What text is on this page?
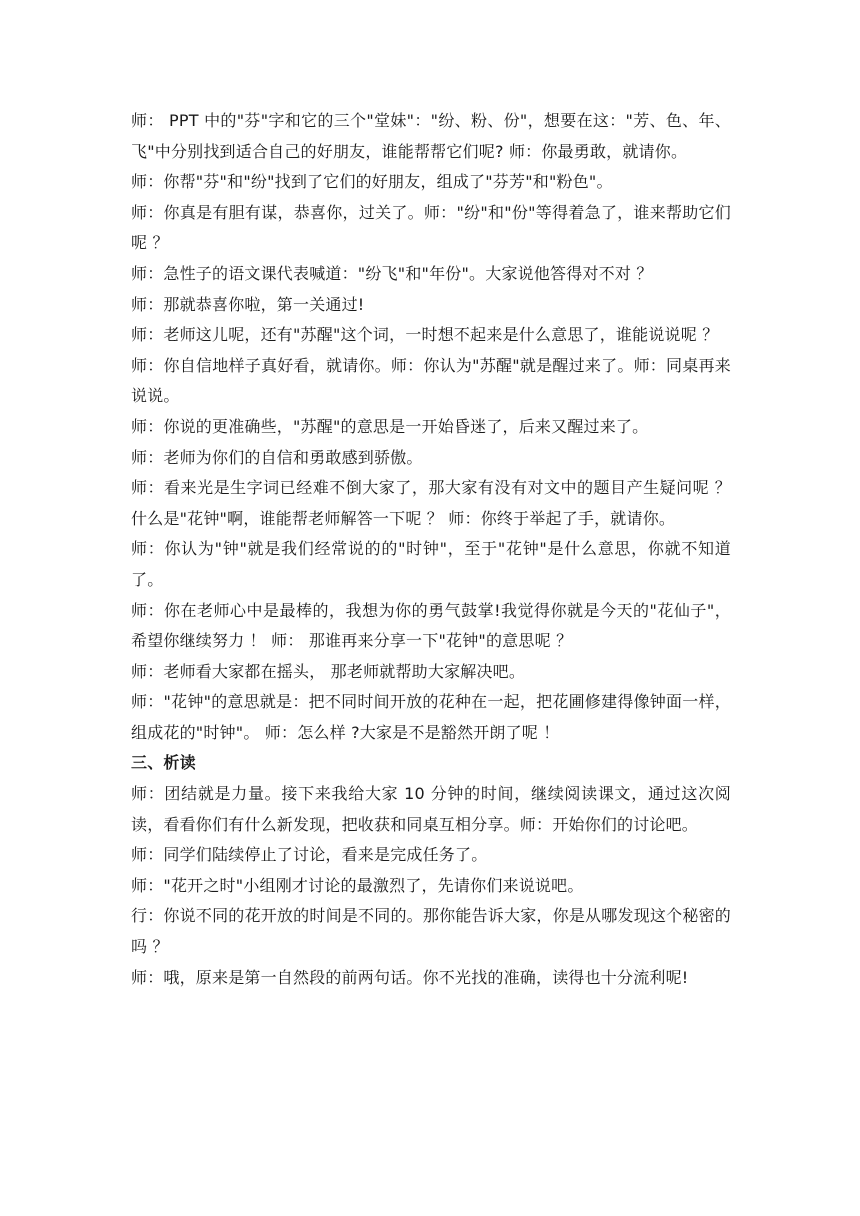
师： PPT 中的"芬"字和它的三个"堂妹"："纷、粉、份"，想要在这："芳、色、年、飞"中分别找到适合自己的好朋友，谁能帮帮它们呢? 师：你最勇敢，就请你。

师：你帮"芬"和"纷"找到了它们的好朋友，组成了"芬芳"和"粉色"。

师：你真是有胆有谋，恭喜你，过关了。师："纷"和"份"等得着急了，谁来帮助它们呢 ？

师：急性子的语文课代表喊道："纷飞"和"年份"。大家说他答得对不对 ？

师：那就恭喜你啦，第一关通过!

师：老师这儿呢，还有"苏醒"这个词，一时想不起来是什么意思了，谁能说说呢 ？

师：你自信地样子真好看，就请你。师：你认为"苏醒"就是醒过来了。师：同桌再来说说。

师：你说的更准确些，"苏醒"的意思是一开始昏迷了，后来又醒过来了。

师：老师为你们的自信和勇敢感到骄傲。

师：看来光是生字词已经难不倒大家了，那大家有没有对文中的题目产生疑问呢 ？ 什么是"花钟"啊，谁能帮老师解答一下呢 ？ 师：你终于举起了手，就请你。

师：你认为"钟"就是我们经常说的的"时钟"，至于"花钟"是什么意思，你就不知道了。

师：你在老师心中是最棒的，我想为你的勇气鼓掌!我觉得你就是今天的"花仙子"，希望你继续努力 ！ 师： 那谁再来分享一下"花钟"的意思呢 ？

师：老师看大家都在摇头， 那老师就帮助大家解决吧。

师："花钟"的意思就是：把不同时间开放的花种在一起，把花圃修建得像钟面一样，组成花的"时钟"。 师：怎么样 ?大家是不是豁然开朗了呢 ！

三、析读

师：团结就是力量。接下来我给大家 10 分钟的时间，继续阅读课文，通过这次阅读，看看你们有什么新发现，把收获和同桌互相分享。师：开始你们的讨论吧。

师：同学们陆续停止了讨论，看来是完成任务了。

师："花开之时"小组刚才讨论的最激烈了，先请你们来说说吧。

行：你说不同的花开放的时间是不同的。那你能告诉大家，你是从哪发现这个秘密的吗 ？

师：哦，原来是第一自然段的前两句话。你不光找的准确，读得也十分流利呢!
